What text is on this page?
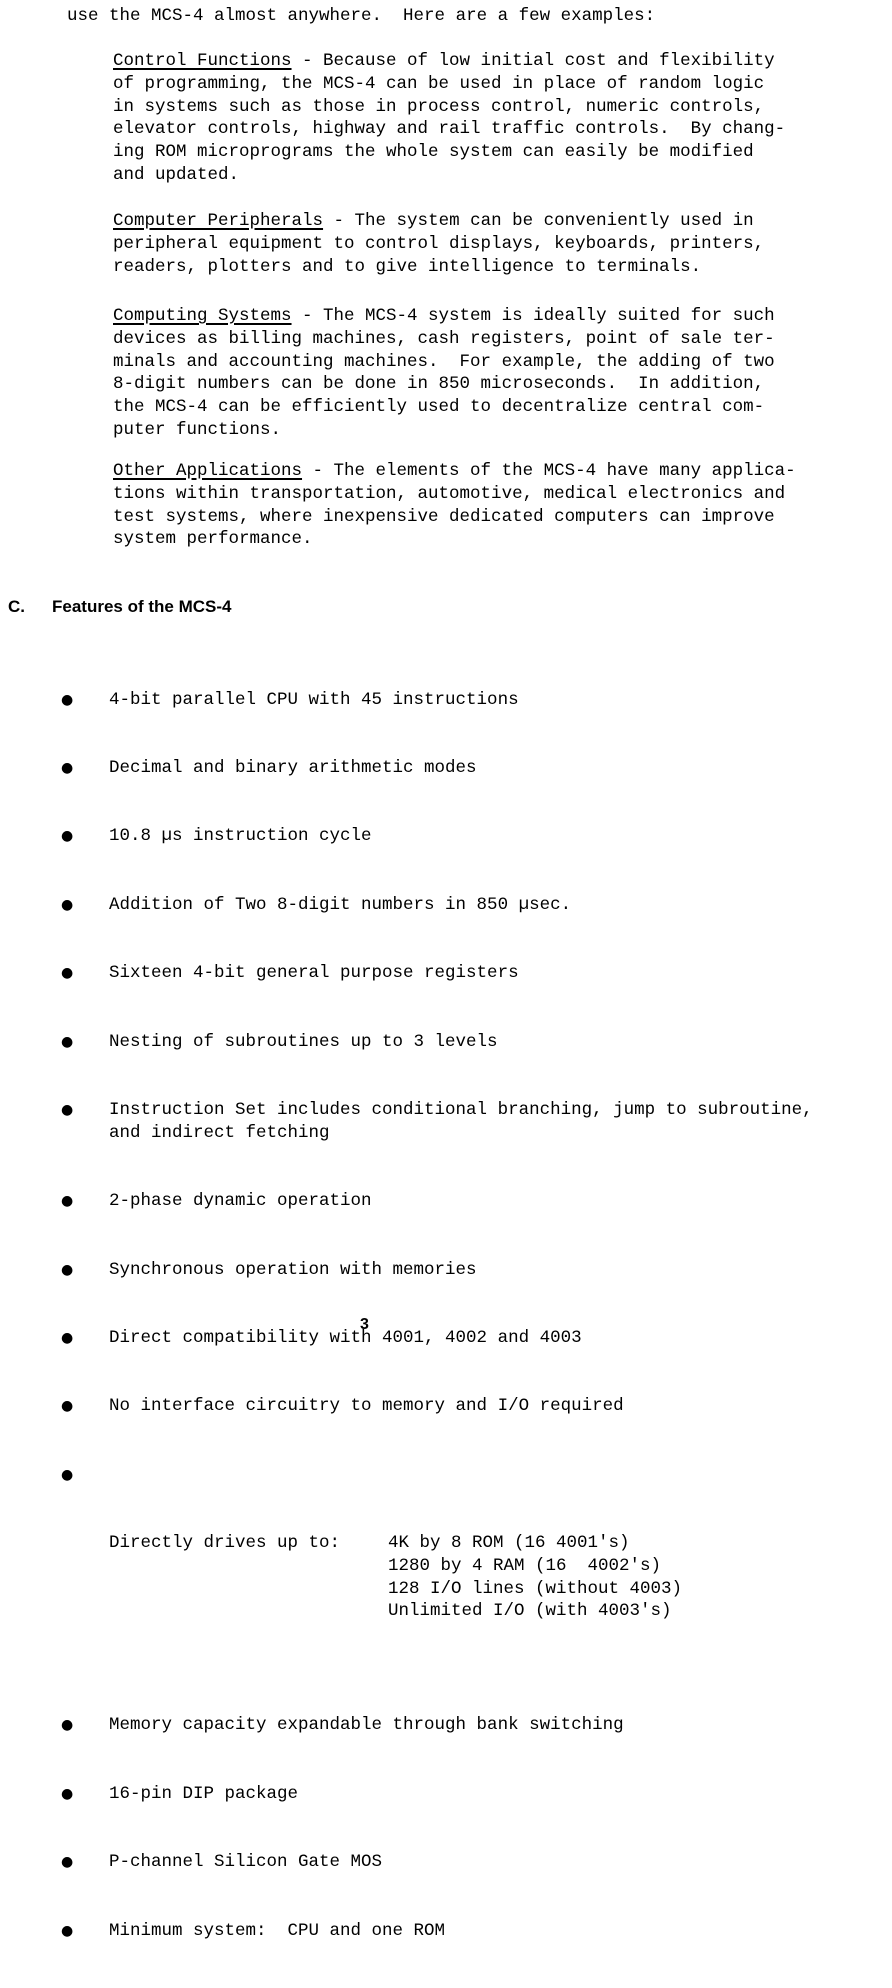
use the MCS-4 almost anywhere.  Here are a few examples:
Control Functions - Because of low initial cost and flexibility
of programming, the MCS-4 can be used in place of random logic
in systems such as those in process control, numeric controls,
elevator controls, highway and rail traffic controls.  By chang-
ing ROM microprograms the whole system can easily be modified
and updated.
Computer Peripherals - The system can be conveniently used in
peripheral equipment to control displays, keyboards, printers,
readers, plotters and to give intelligence to terminals.
Computing Systems - The MCS-4 system is ideally suited for such
devices as billing machines, cash registers, point of sale ter-
minals and accounting machines.  For example, the adding of two
8-digit numbers can be done in 850 microseconds.  In addition,
the MCS-4 can be efficiently used to decentralize central com-
puter functions.
Other Applications - The elements of the MCS-4 have many applica-
tions within transportation, automotive, medical electronics and
test systems, where inexpensive dedicated computers can improve
system performance.
C.	Features of the MCS-4

● 4-bit parallel CPU with 45 instructions

● Decimal and binary arithmetic modes

● 10.8 µs instruction cycle

● Addition of Two 8-digit numbers in 850 µsec.

● Sixteen 4-bit general purpose registers

● Nesting of subroutines up to 3 levels

● Instruction Set includes conditional branching, jump to subroutine,
and indirect fetching

● 2-phase dynamic operation

● Synchronous operation with memories

● Direct compatibility with 4001, 4002 and 4003

● No interface circuitry to memory and I/O required

●

Directly drives up to:	4K by 8 ROM (16 4001's)
1280 by 4 RAM (16  4002's)
128 I/O lines (without 4003)
Unlimited I/O (with 4003's)

● Memory capacity expandable through bank switching

● 16-pin DIP package

● P-channel Silicon Gate MOS

● Minimum system:  CPU and one ROM

3
